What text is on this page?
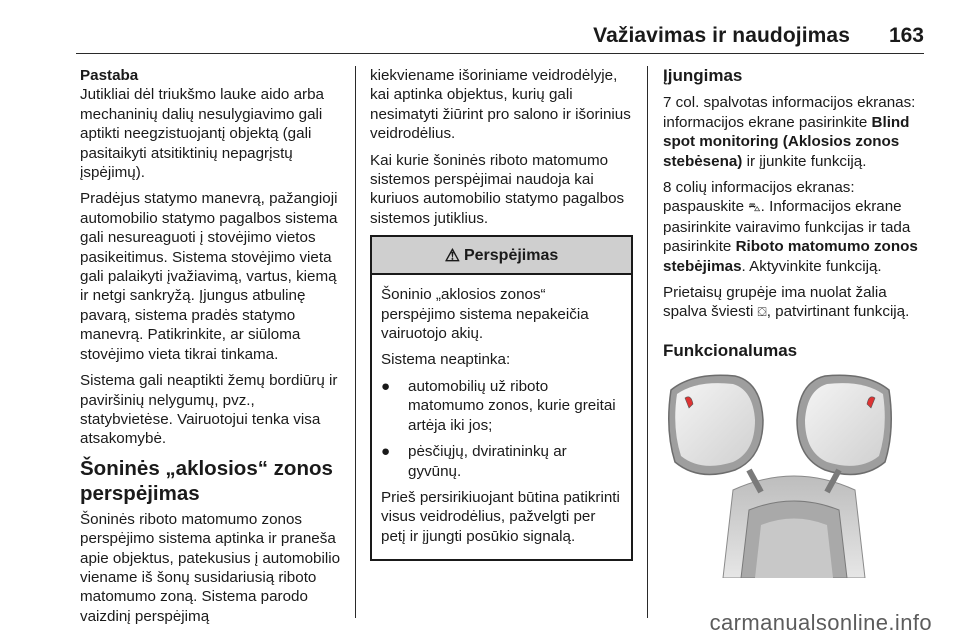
Važiavimas ir naudojimas 163
Pastaba

Jutikliai dėl triukšmo lauke aido arba mechaninių dalių nesulygiavimo gali aptikti neegzistuojantį objektą (gali pasitaikyti atsitiktinių nepagrįstų įspėjimų).

Pradėjus statymo manevrą, pažangioji automobilio statymo pagalbos sistema gali nesureaguoti į stovėjimo vietos pasikeitimus. Sistema stovėjimo vieta gali palaikyti įvažiavimą, vartus, kiemą ir netgi sankryžą. Įjungus atbulinę pavarą, sistema pradės statymo manevrą. Patikrinkite, ar siūloma stovėjimo vieta tikrai tinkama.

Sistema gali neaptikti žemų bordiūrų ir paviršinių nelygumų, pvz., statybvietėse. Vairuotojui tenka visa atsakomybė.

Šoninės „aklosios“ zonos perspėjimas

Šoninės riboto matomumo zonos perspėjimo sistema aptinka ir praneša apie objektus, patekusius į automobilio viename iš šonų susidariusią riboto matomumo zoną. Sistema parodo vaizdinį perspėjimą

kiekviename išoriniame veidrodėlyje, kai aptinka objektus, kurių gali nesimatyti žiūrint pro salono ir išorinius veidrodėlius.

Kai kurie šoninės riboto matomumo sistemos perspėjimai naudoja kai kuriuos automobilio statymo pagalbos sistemos jutiklius.

⚠ Perspėjimas

Šoninio „aklosios zonos“ perspėjimo sistema nepakeičia vairuotojo akių.

Sistema neaptinka:

● automobilių už riboto matomumo zonos, kurie greitai artėja iki jos;
● pėsčiųjų, dviratininkų ar gyvūnų.

Prieš persirikiuojant būtina patikrinti visus veidrodėlius, pažvelgti per petį ir įjungti posūkio signalą.

Įjungimas

7 col. spalvotas informacijos ekranas: informacijos ekrane pasirinkite Blind spot monitoring (Aklosios zonos stebėsena) ir įjunkite funkciją.

8 colių informacijos ekranas: paspauskite ⛍. Informacijos ekrane pasirinkite vairavimo funkcijas ir tada pasirinkite Riboto matomumo zonos stebėjimas. Aktyvinkite funkciją.

Prietaisų grupėje ima nuolat žalia spalva šviesti ⛋, patvirtinant funkciją.

Funkcionalumas
carmanualsonline.info
